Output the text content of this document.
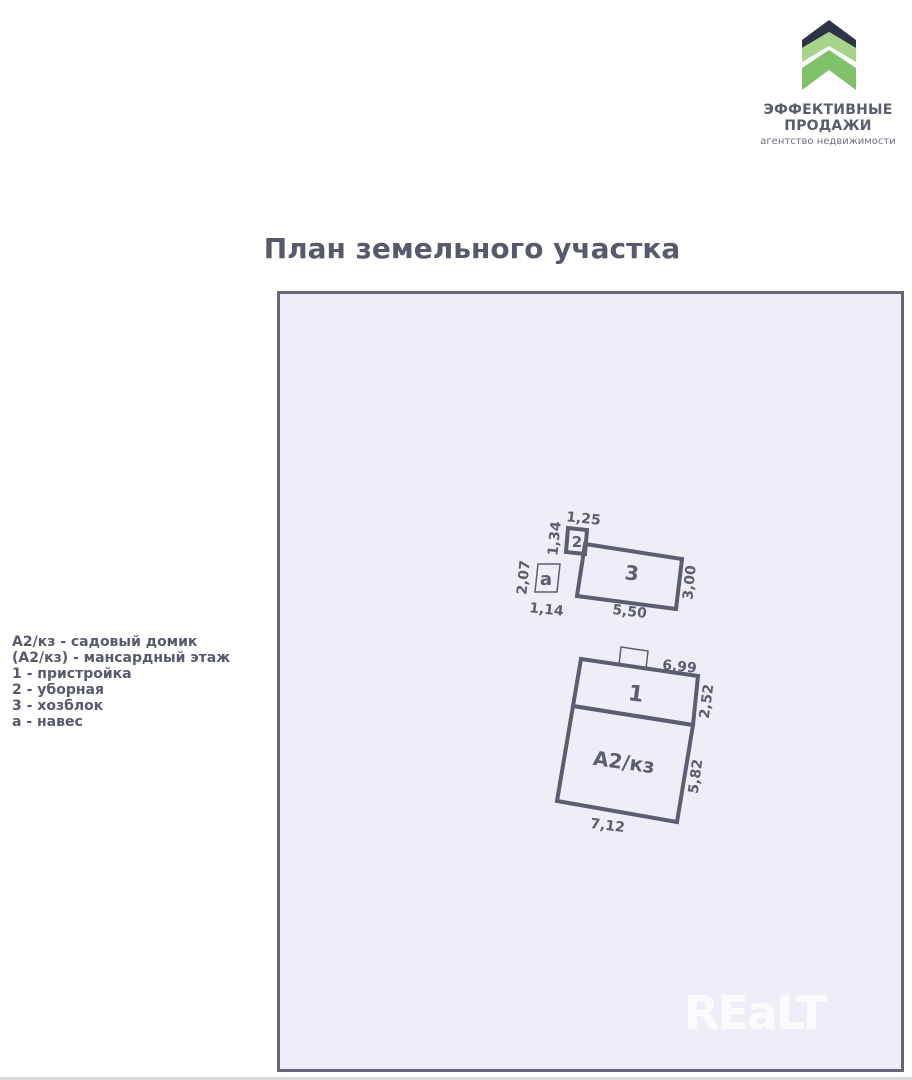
ЭФФЕКТИВНЫЕ
ПРОДАЖИ
агентство недвижимости
План земельного участка
А2/кз - садовый домик
(А2/кз) - мансардный этаж
1 - пристройка
2 - уборная
3 - хозблок
а - навес
а
2,07
1,14
2
1,25
1,34
3	3,00
5,50
1
6,99
2,52
А2/кз 5,82
7,12
REaLT
